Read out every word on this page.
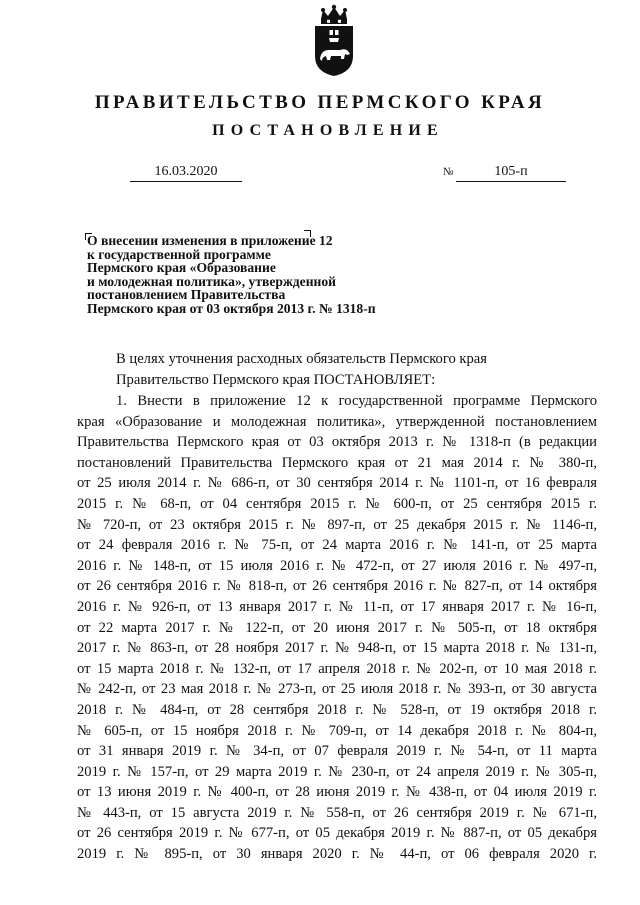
ПРАВИТЕЛЬСТВО ПЕРМСКОГО КРАЯ
ПОСТАНОВЛЕНИЕ
16.03.2020	№	105-п
О внесении изменения в приложение 12
к государственной программе
Пермского края «Образование
и молодежная политика», утвержденной
постановлением Правительства
Пермского края от 03 октября 2013 г. № 1318-п
В целях уточнения расходных обязательств Пермского края
Правительство Пермского края ПОСТАНОВЛЯЕТ:
1. Внести в приложение 12 к государственной программе Пермского
края «Образование и молодежная политика», утвержденной постановлением
Правительства Пермского края от 03 октября 2013 г. № 1318-п (в редакции
постановлений Правительства Пермского края от 21 мая 2014 г. № 380-п,
от 25 июля 2014 г. № 686-п, от 30 сентября 2014 г. № 1101-п, от 16 февраля
2015 г. № 68-п, от 04 сентября 2015 г. № 600-п, от 25 сентября 2015 г.
№ 720-п, от 23 октября 2015 г. № 897-п, от 25 декабря 2015 г. № 1146-п,
от 24 февраля 2016 г. № 75-п, от 24 марта 2016 г. № 141-п, от 25 марта
2016 г. № 148-п, от 15 июля 2016 г. № 472-п, от 27 июля 2016 г. № 497-п,
от 26 сентября 2016 г. № 818-п, от 26 сентября 2016 г. № 827-п, от 14 октября
2016 г. № 926-п, от 13 января 2017 г. № 11-п, от 17 января 2017 г. № 16-п,
от 22 марта 2017 г. № 122-п, от 20 июня 2017 г. № 505-п, от 18 октября
2017 г. № 863-п, от 28 ноября 2017 г. № 948-п, от 15 марта 2018 г. № 131-п,
от 15 марта 2018 г. № 132-п, от 17 апреля 2018 г. № 202-п, от 10 мая 2018 г.
№ 242-п, от 23 мая 2018 г. № 273-п, от 25 июля 2018 г. № 393-п, от 30 августа
2018 г. № 484-п, от 28 сентября 2018 г. № 528-п, от 19 октября 2018 г.
№ 605-п, от 15 ноября 2018 г. № 709-п, от 14 декабря 2018 г. № 804-п,
от 31 января 2019 г. № 34-п, от 07 февраля 2019 г. № 54-п, от 11 марта
2019 г. № 157-п, от 29 марта 2019 г. № 230-п, от 24 апреля 2019 г. № 305-п,
от 13 июня 2019 г. № 400-п, от 28 июня 2019 г. № 438-п, от 04 июля 2019 г.
№ 443-п, от 15 августа 2019 г. № 558-п, от 26 сентября 2019 г. № 671-п,
от 26 сентября 2019 г. № 677-п, от 05 декабря 2019 г. № 887-п, от 05 декабря
2019 г. № 895-п, от 30 января 2020 г. № 44-п, от 06 февраля 2020 г.
